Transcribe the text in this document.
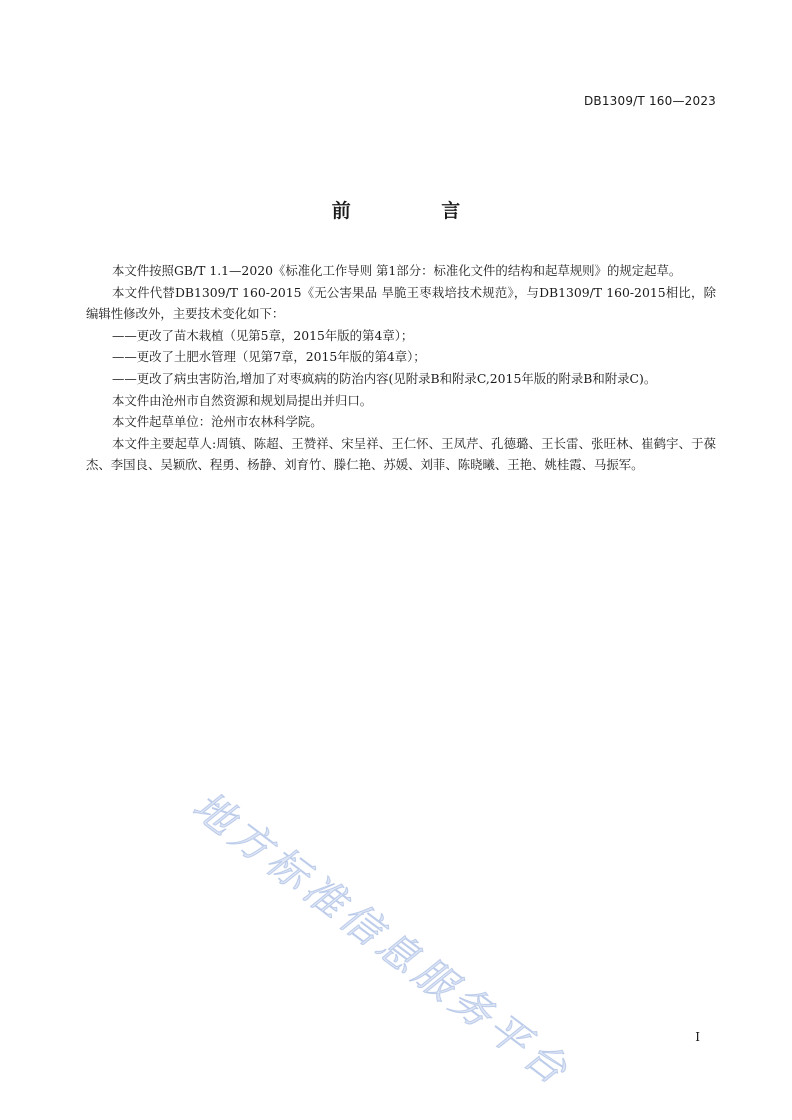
DB1309/T 160—2023
前 言

本文件按照GB/T 1.1—2020《标准化工作导则 第1部分：标准化文件的结构和起草规则》的规定起草。

本文件代替DB1309/T 160-2015《无公害果品 旱脆王枣栽培技术规范》，与DB1309/T 160-2015相比，除编辑性修改外，主要技术变化如下：

——更改了苗木栽植（见第5章，2015年版的第4章）；

——更改了土肥水管理（见第7章，2015年版的第4章）；

——更改了病虫害防治,增加了对枣疯病的防治内容(见附录B和附录C,2015年版的附录B和附录C)。

本文件由沧州市自然资源和规划局提出并归口。

本文件起草单位：沧州市农林科学院。

本文件主要起草人:周镇、陈超、王赞祥、宋呈祥、王仁怀、王凤芹、孔德璐、王长雷、张旺林、崔鹤宇、于葆杰、李国良、吴颖欣、程勇、杨静、刘育竹、滕仁艳、苏媛、刘菲、陈晓曦、王艳、姚桂霞、马振军。

地方标准信息服务平台	I
